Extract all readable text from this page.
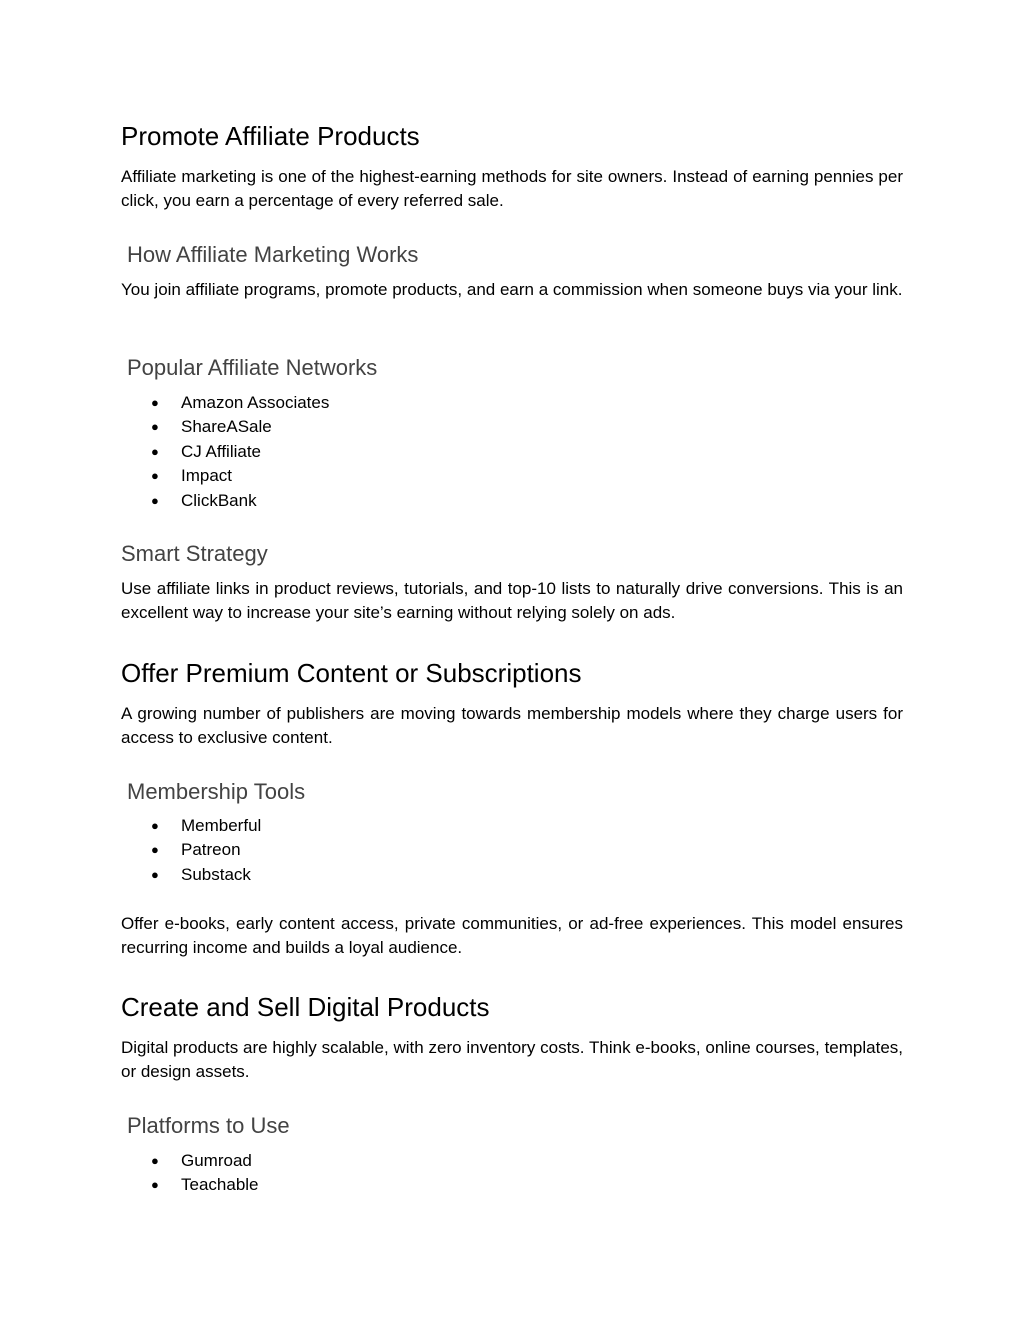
Promote Affiliate Products

Affiliate marketing is one of the highest-earning methods for site owners. Instead of earning pennies per click, you earn a percentage of every referred sale.

How Affiliate Marketing Works

You join affiliate programs, promote products, and earn a commission when someone buys via your link.

Popular Affiliate Networks
● Amazon Associates
● ShareASale
● CJ Affiliate
● Impact
● ClickBank
Smart Strategy

Use affiliate links in product reviews, tutorials, and top-10 lists to naturally drive conversions. This is an excellent way to increase your site’s earning without relying solely on ads.

Offer Premium Content or Subscriptions

A growing number of publishers are moving towards membership models where they charge users for access to exclusive content.

Membership Tools
● Memberful
● Patreon
● Substack

Offer e-books, early content access, private communities, or ad-free experiences. This model ensures recurring income and builds a loyal audience.

Create and Sell Digital Products

Digital products are highly scalable, with zero inventory costs. Think e-books, online courses, templates, or design assets.

Platforms to Use
● Gumroad
● Teachable
